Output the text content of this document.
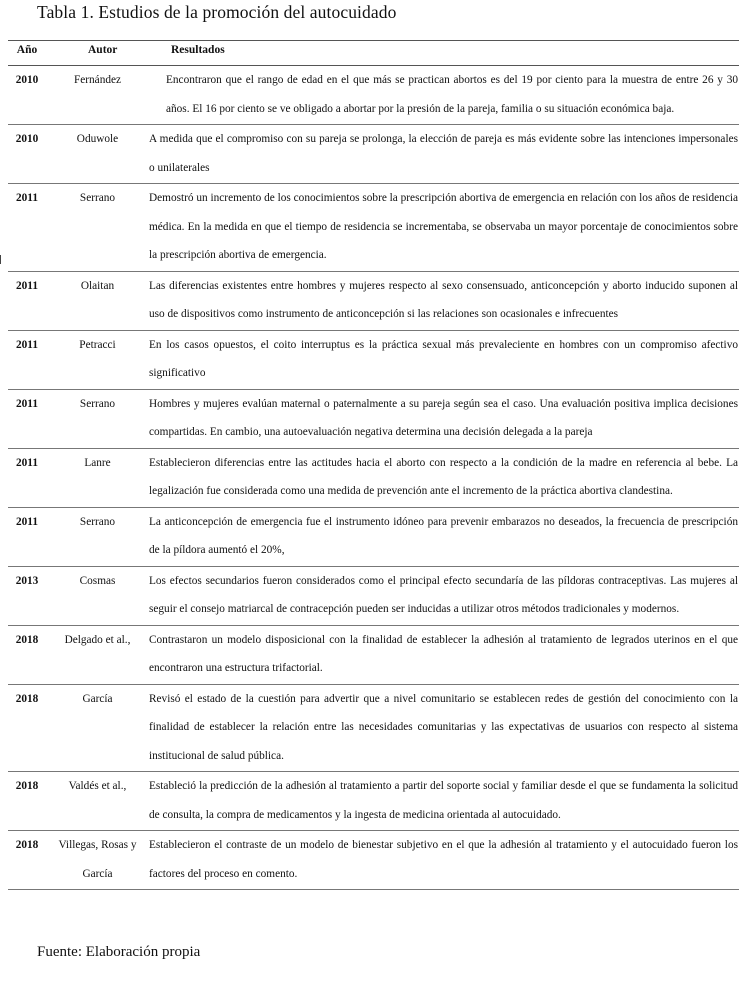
Tabla 1. Estudios de la promoción del autocuidado
Año	Autor	Resultados
2010	Fernández	Encontraron que el rango de edad en el que más se practican abortos es del 19 por ciento para la muestra de entre 26 y 30 años. El 16 por ciento se ve obligado a abortar por la presión de la pareja, familia o su situación económica baja.
2010	Oduwole	A medida que el compromiso con su pareja se prolonga, la elección de pareja es más evidente sobre las intenciones impersonales o unilaterales
2011	Serrano	Demostró un incremento de los conocimientos sobre la prescripción abortiva de emergencia en relación con los años de residencia médica. En la medida en que el tiempo de residencia se incrementaba, se observaba un mayor porcentaje de conocimientos sobre la prescripción abortiva de emergencia.
2011	Olaitan	Las diferencias existentes entre hombres y mujeres respecto al sexo consensuado, anticoncepción y aborto inducido suponen al uso de dispositivos como instrumento de anticoncepción si las relaciones son ocasionales e infrecuentes
2011	Petracci	En los casos opuestos, el coito interruptus es la práctica sexual más prevaleciente en hombres con un compromiso afectivo significativo
2011	Serrano	Hombres y mujeres evalúan maternal o paternalmente a su pareja según sea el caso. Una evaluación positiva implica decisiones compartidas. En cambio, una autoevaluación negativa determina una decisión delegada a la pareja
2011	Lanre	Establecieron diferencias entre las actitudes hacia el aborto con respecto a la condición de la madre en referencia al bebe. La legalización fue considerada como una medida de prevención ante el incremento de la práctica abortiva clandestina.
2011	Serrano	La anticoncepción de emergencia fue el instrumento idóneo para prevenir embarazos no deseados, la frecuencia de prescripción de la píldora aumentó el 20%,
2013	Cosmas	Los efectos secundarios fueron considerados como el principal efecto secundaría de las píldoras contraceptivas. Las mujeres al seguir el consejo matriarcal de contracepción pueden ser inducidas a utilizar otros métodos tradicionales y modernos.
2018	Delgado et al.,	Contrastaron un modelo disposicional con la finalidad de establecer la adhesión al tratamiento de legrados uterinos en el que encontraron una estructura trifactorial.
2018	García	Revisó el estado de la cuestión para advertir que a nivel comunitario se establecen redes de gestión del conocimiento con la finalidad de establecer la relación entre las necesidades comunitarias y las expectativas de usuarios con respecto al sistema institucional de salud pública.
2018	Valdés et al.,	Estableció la predicción de la adhesión al tratamiento a partir del soporte social y familiar desde el que se fundamenta la solicitud de consulta, la compra de medicamentos y la ingesta de medicina orientada al autocuidado.
2018	Villegas, Rosas y García	Establecieron el contraste de un modelo de bienestar subjetivo en el que la adhesión al tratamiento y el autocuidado fueron los factores del proceso en comento.
Fuente: Elaboración propia
